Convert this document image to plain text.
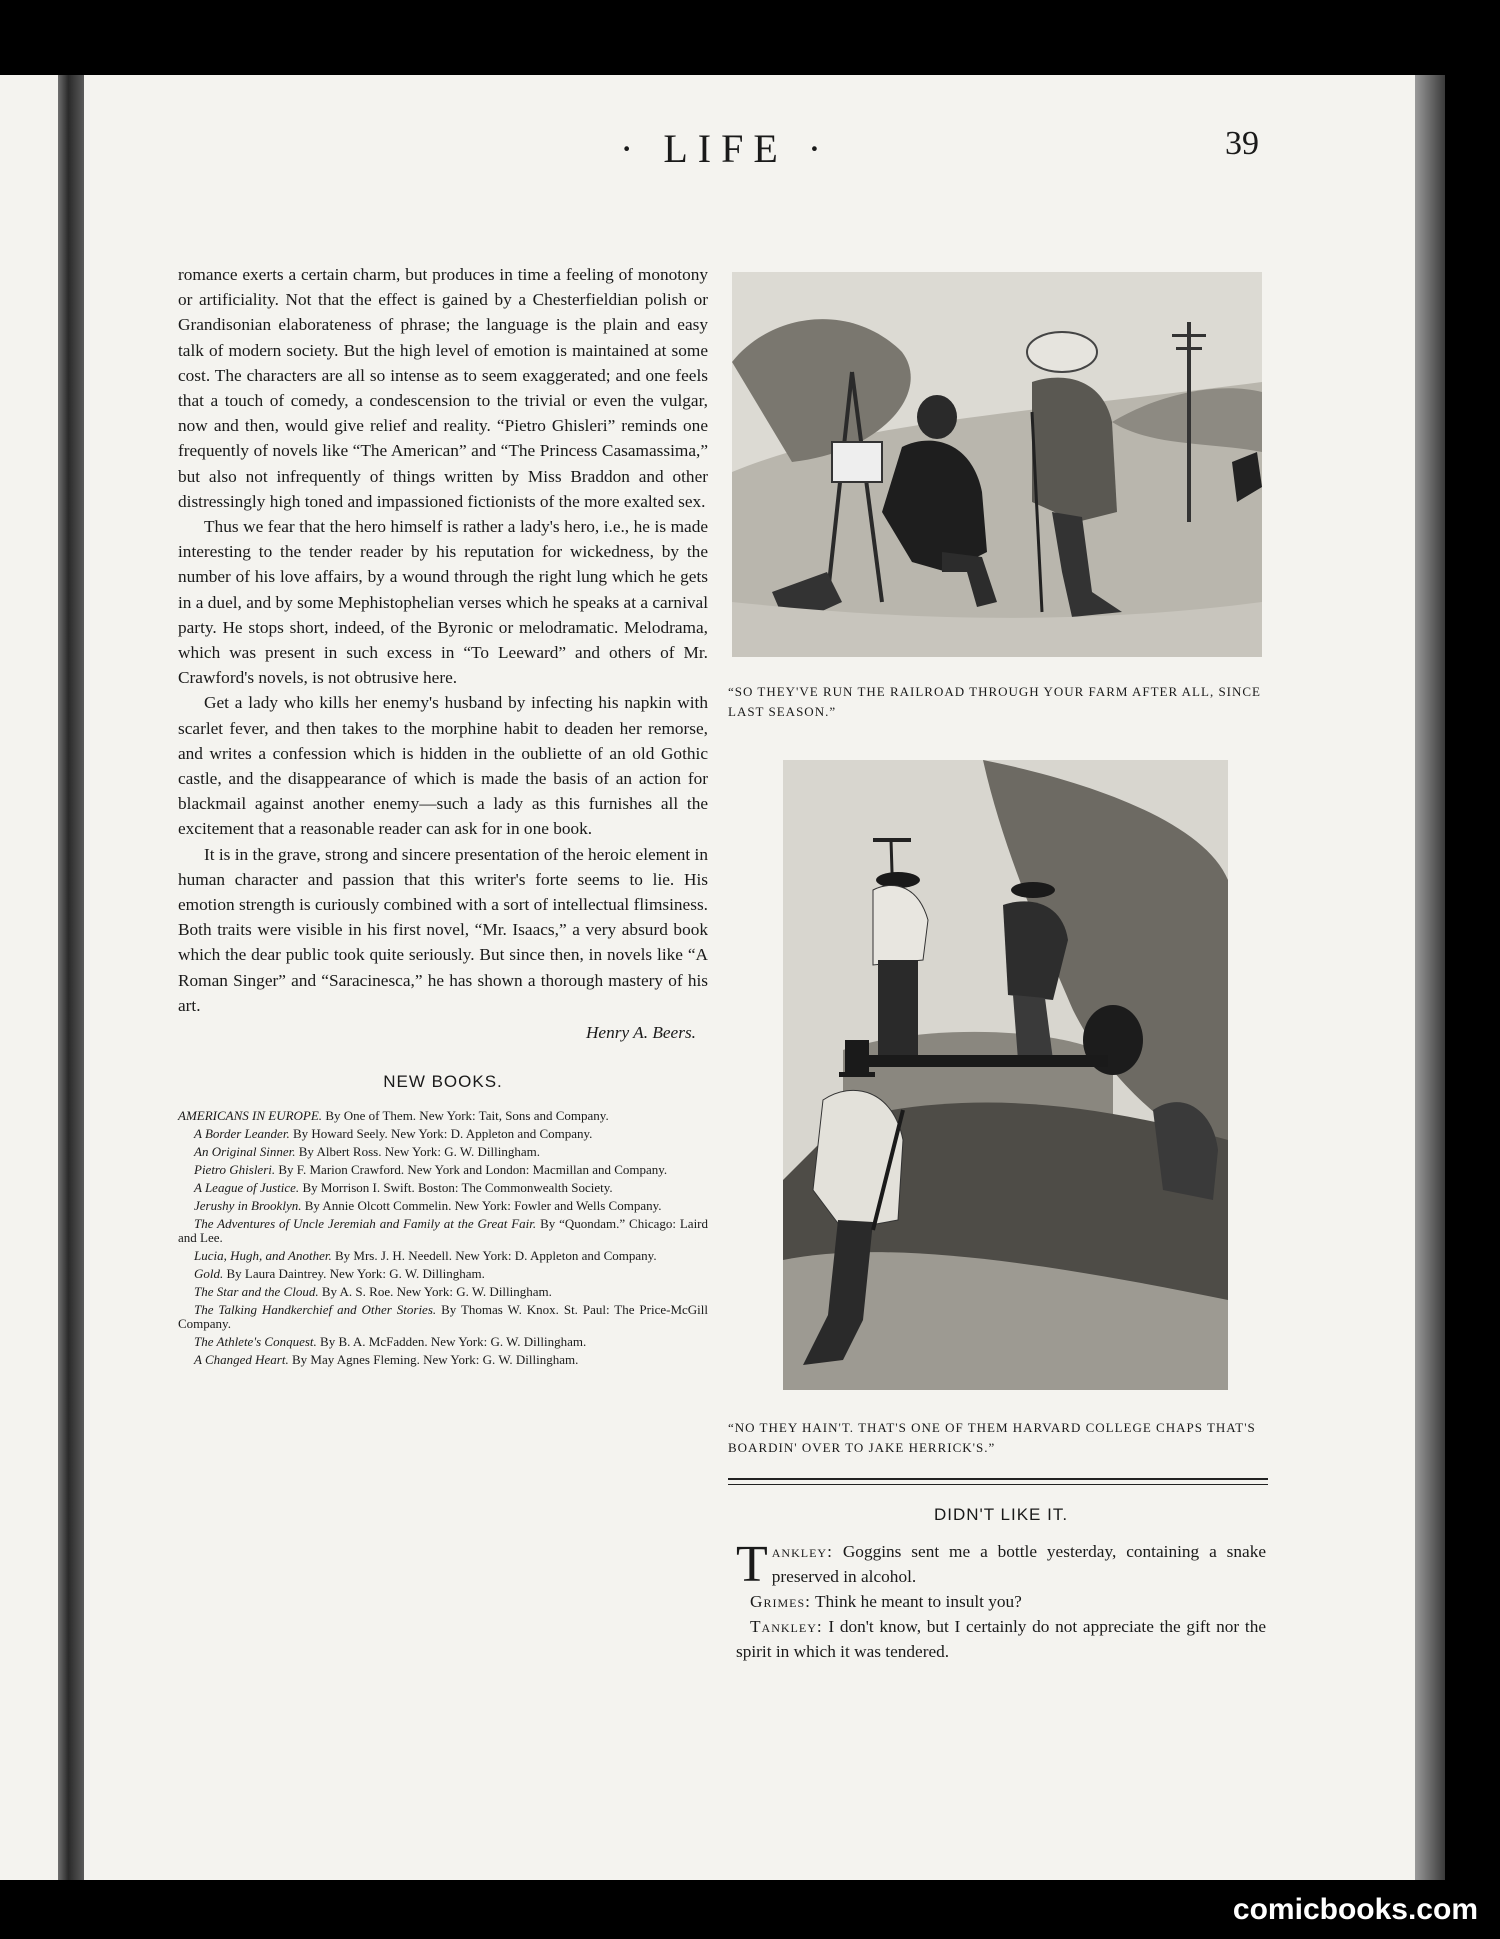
· LIFE ·	39

romance exerts a certain charm, but produces in time a feeling of monotony or artificiality. Not that the effect is gained by a Chesterfieldian polish or Grandisonian elaborateness of phrase; the language is the plain and easy talk of modern society. But the high level of emotion is maintained at some cost. The characters are all so intense as to seem exaggerated; and one feels that a touch of comedy, a condescension to the trivial or even the vulgar, now and then, would give relief and reality. “Pietro Ghisleri” reminds one frequently of novels like “The American” and “The Princess Casamassima,” but also not infrequently of things written by Miss Braddon and other distressingly high toned and impassioned fictionists of the more exalted sex.

Thus we fear that the hero himself is rather a lady's hero, i.e., he is made interesting to the tender reader by his reputation for wickedness, by the number of his love affairs, by a wound through the right lung which he gets in a duel, and by some Mephistophelian verses which he speaks at a carnival party. He stops short, indeed, of the Byronic or melodramatic. Melodrama, which was present in such excess in “To Leeward” and others of Mr. Crawford's novels, is not obtrusive here.

Get a lady who kills her enemy's husband by infecting his napkin with scarlet fever, and then takes to the morphine habit to deaden her remorse, and writes a confession which is hidden in the oubliette of an old Gothic castle, and the disappearance of which is made the basis of an action for blackmail against another enemy—such a lady as this furnishes all the excitement that a reasonable reader can ask for in one book.

It is in the grave, strong and sincere presentation of the heroic element in human character and passion that this writer's forte seems to lie. His emotion strength is curiously combined with a sort of intellectual flimsiness. Both traits were visible in his first novel, “Mr. Isaacs,” a very absurd book which the dear public took quite seriously. But since then, in novels like “A Roman Singer” and “Saracinesca,” he has shown a thorough mastery of his art.

Henry A. Beers.
NEW BOOKS.
AMERICANS IN EUROPE. By One of Them. New York: Tait, Sons and Company.
A Border Leander. By Howard Seely. New York: D. Appleton and Company.
An Original Sinner. By Albert Ross. New York: G. W. Dillingham.
Pietro Ghisleri. By F. Marion Crawford. New York and London: Macmillan and Company.
A League of Justice. By Morrison I. Swift. Boston: The Commonwealth Society.
Jerushy in Brooklyn. By Annie Olcott Commelin. New York: Fowler and Wells Company.
The Adventures of Uncle Jeremiah and Family at the Great Fair. By “Quondam.” Chicago: Laird and Lee.
Lucia, Hugh, and Another. By Mrs. J. H. Needell. New York: D. Appleton and Company.
Gold. By Laura Daintrey. New York: G. W. Dillingham.
The Star and the Cloud. By A. S. Roe. New York: G. W. Dillingham.
The Talking Handkerchief and Other Stories. By Thomas W. Knox. St. Paul: The Price-McGill Company.
The Athlete's Conquest. By B. A. McFadden. New York: G. W. Dillingham.
A Changed Heart. By May Agnes Fleming. New York: G. W. Dillingham.
“SO THEY'VE RUN THE RAILROAD THROUGH YOUR FARM AFTER ALL, SINCE LAST SEASON.”
“NO THEY HAIN'T. THAT'S ONE OF THEM HARVARD COLLEGE CHAPS THAT'S BOARDIN' OVER TO JAKE HERRICK'S.”
DIDN'T LIKE IT.

Tankley: Goggins sent me a bottle yesterday, containing a snake preserved in alcohol.

Grimes: Think he meant to insult you?

Tankley: I don't know, but I certainly do not appreciate the gift nor the spirit in which it was tendered.

comicbooks.com
